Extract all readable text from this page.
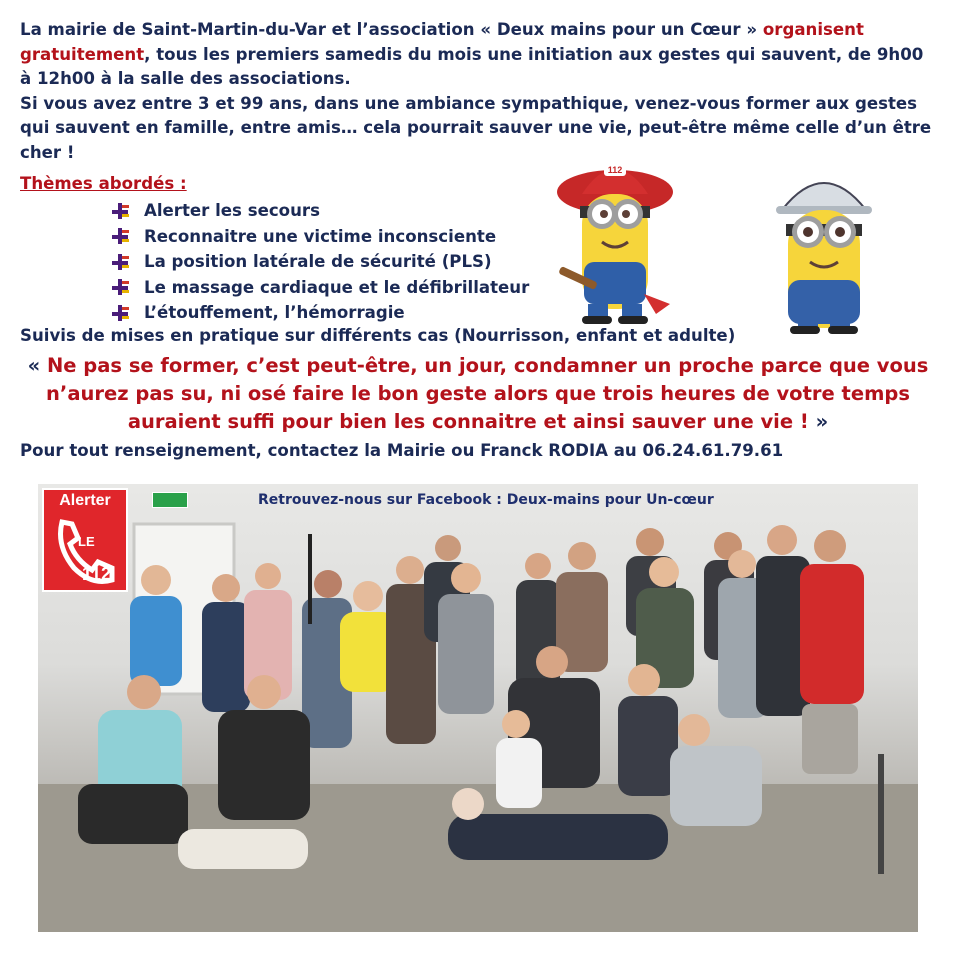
La mairie de Saint-Martin-du-Var et l’association « Deux mains pour un Cœur » organisent gratuitement, tous les premiers samedis du mois une initiation aux gestes qui sauvent, de 9h00 à 12h00 à la salle des associations.
Si vous avez entre 3 et 99 ans, dans une ambiance sympathique, venez-vous former aux gestes qui sauvent en famille, entre amis… cela pourrait sauver une vie, peut-être même celle d’un être cher !

Thèmes abordés :

Alerter les secours
Reconnaitre une victime inconsciente
La position latérale de sécurité (PLS)
Le massage cardiaque et le défibrillateur
L’étouffement, l’hémorragie
112

Suivis de mises en pratique sur différents cas (Nourrisson, enfant et adulte)

« Ne pas se former, c’est peut-être, un jour, condamner un proche parce que vous n’aurez pas su, ni osé faire le bon geste alors que trois heures de votre temps auraient suffi pour bien les connaitre et ainsi sauver une vie ! »

Pour tout renseignement, contactez la Mairie ou Franck RODIA au 06.24.61.79.61

Alerter
LE
112

Retrouvez-nous sur Facebook : Deux-mains pour Un-cœur
